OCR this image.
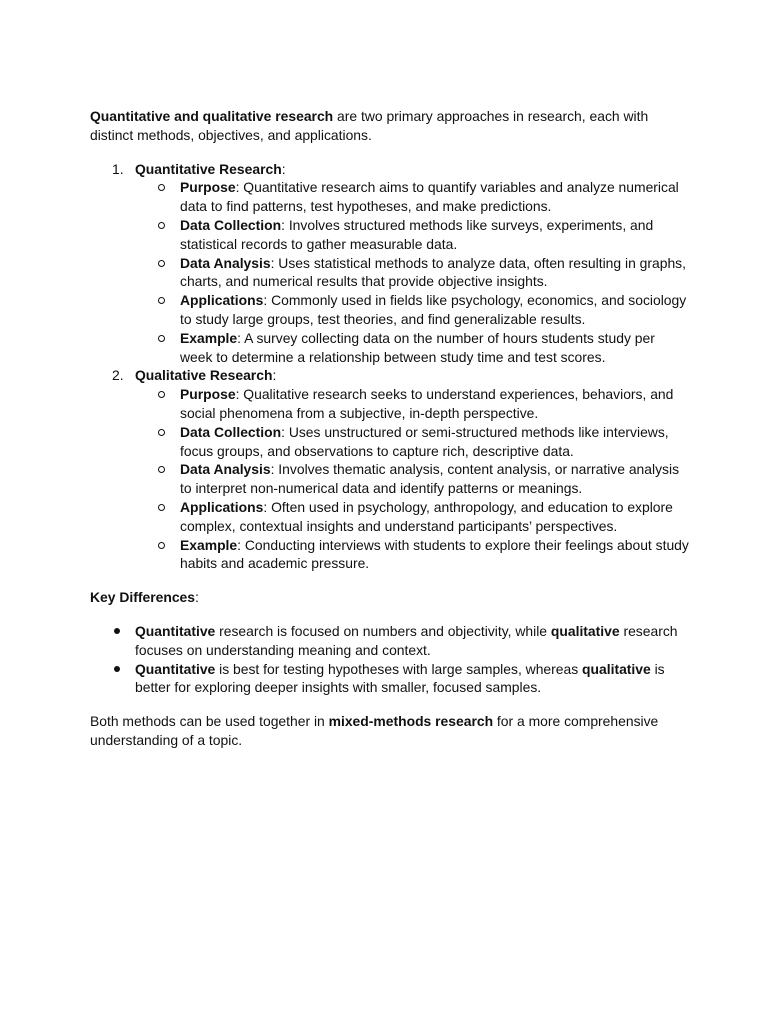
Quantitative and qualitative research are two primary approaches in research, each with distinct methods, objectives, and applications.

1. Quantitative Research:
Purpose: Quantitative research aims to quantify variables and analyze numerical data to find patterns, test hypotheses, and make predictions.
Data Collection: Involves structured methods like surveys, experiments, and statistical records to gather measurable data.
Data Analysis: Uses statistical methods to analyze data, often resulting in graphs, charts, and numerical results that provide objective insights.
Applications: Commonly used in fields like psychology, economics, and sociology to study large groups, test theories, and find generalizable results.
Example: A survey collecting data on the number of hours students study per week to determine a relationship between study time and test scores.
2. Qualitative Research:
Purpose: Qualitative research seeks to understand experiences, behaviors, and social phenomena from a subjective, in-depth perspective.
Data Collection: Uses unstructured or semi-structured methods like interviews, focus groups, and observations to capture rich, descriptive data.
Data Analysis: Involves thematic analysis, content analysis, or narrative analysis to interpret non-numerical data and identify patterns or meanings.
Applications: Often used in psychology, anthropology, and education to explore complex, contextual insights and understand participants’ perspectives.
Example: Conducting interviews with students to explore their feelings about study habits and academic pressure.

Key Differences:

Quantitative research is focused on numbers and objectivity, while qualitative research focuses on understanding meaning and context.
Quantitative is best for testing hypotheses with large samples, whereas qualitative is better for exploring deeper insights with smaller, focused samples.

Both methods can be used together in mixed-methods research for a more comprehensive understanding of a topic.
